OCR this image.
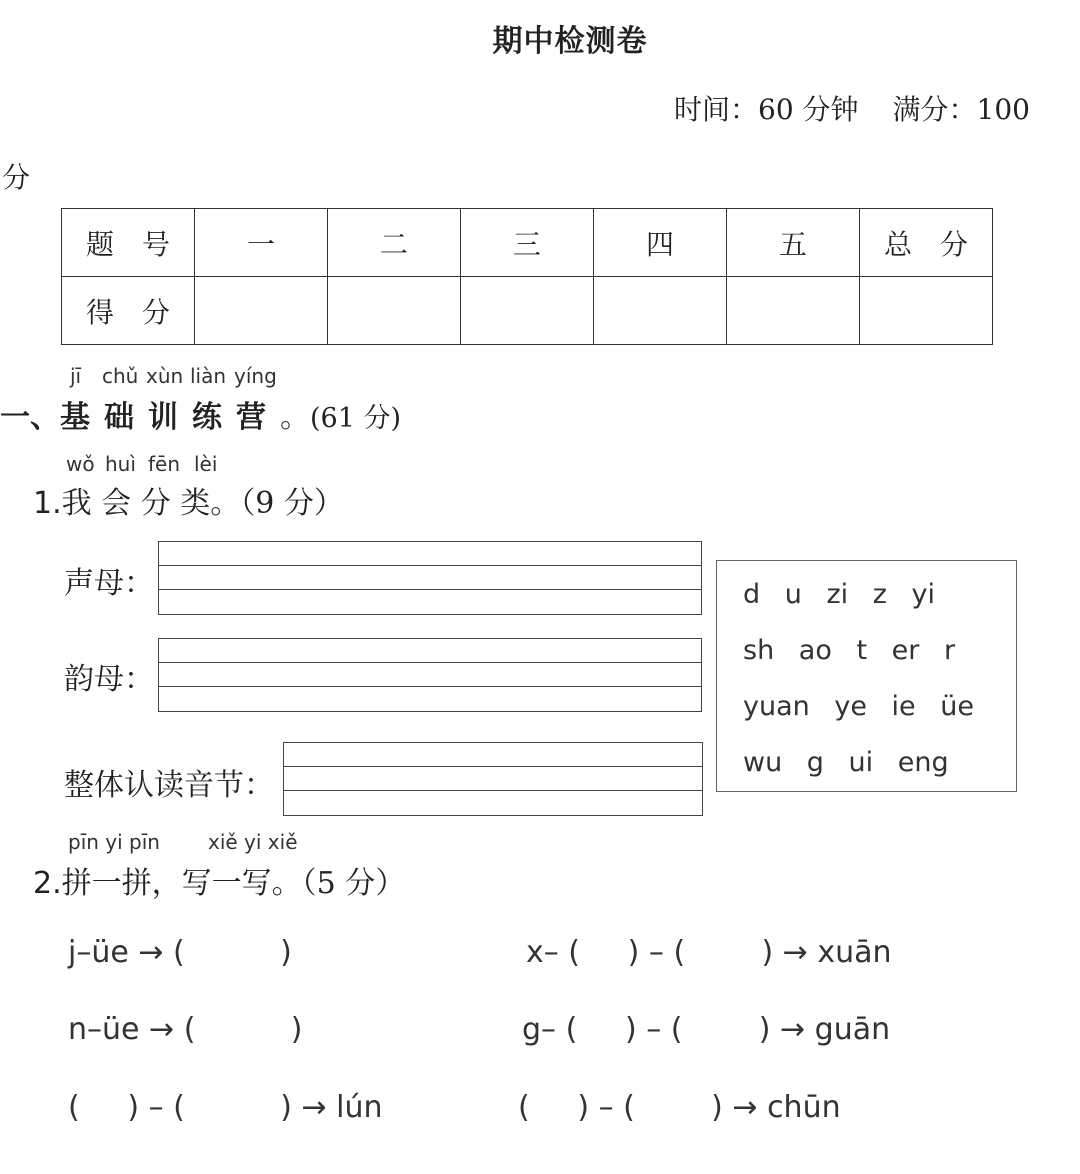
期中检测卷
时间：60 分钟 满分：100
分
题　号	一	二	三	四	五	总　分
得　分						
jī chǔ xùn liàn yíng
一、基础训练营。(61 分)
wǒ huì fēn lèi
1.我 会 分 类。（9 分）
声母：
韵母：
整体认读音节：
d u zi z yi
sh ao t er r
yuan ye ie üe
wu g ui eng
pīn yi pīn xiě yi xiě
2.拼一拼，写一写。（5 分）
j–üe → (          )	x– (     ) – (        ) → xuān
n–üe → (          )	g– (     ) – (        ) → guān
(     ) – (          ) → lún	(     ) – (        ) → chūn
